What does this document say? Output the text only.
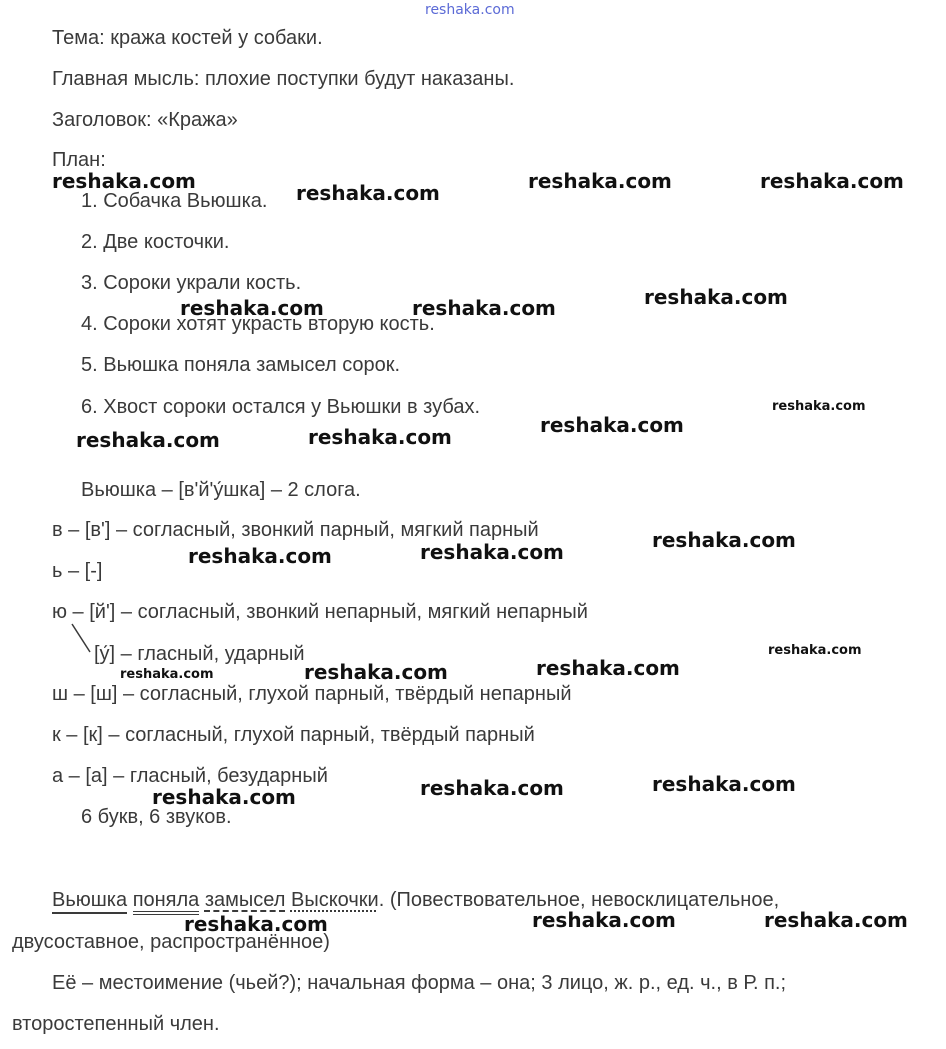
reshaka.com
Тема: кража костей у собаки.
Главная мысль: плохие поступки будут наказаны.
Заголовок: «Кража»
План:
1. Собачка Вьюшка.
2. Две косточки.
3. Сороки украли кость.
4. Сороки хотят украсть вторую кость.
5. Вьюшка поняла замысел сорок.
6. Хвост сороки остался у Вьюшки в зубах.
Вьюшка – [в'й'у́шка] – 2 слога.
в – [в'] – согласный, звонкий парный, мягкий парный
ь – [-]
ю – [й'] – согласный, звонкий непарный, мягкий непарный
[у́] – гласный, ударный
ш – [ш] – согласный, глухой парный, твёрдый непарный
к – [к] – согласный, глухой парный, твёрдый парный
а – [а] – гласный, безударный
6 букв, 6 звуков.
Вьюшка поняла замысел Выскочки. (Повествовательное, невосклицательное,
двусоставное, распространённое)
Её – местоимение (чьей?); начальная форма – она; 3 лицо, ж. р., ед. ч., в Р. п.;
второстепенный член.
reshaka.com	reshaka.com	reshaka.com	reshaka.com
reshaka.com	reshaka.com	reshaka.com
reshaka.com
reshaka.com	reshaka.com	reshaka.com
reshaka.com	reshaka.com	reshaka.com
reshaka.com	reshaka.com	reshaka.com
reshaka.com
reshaka.com	reshaka.com	reshaka.com
reshaka.com	reshaka.com	reshaka.com
